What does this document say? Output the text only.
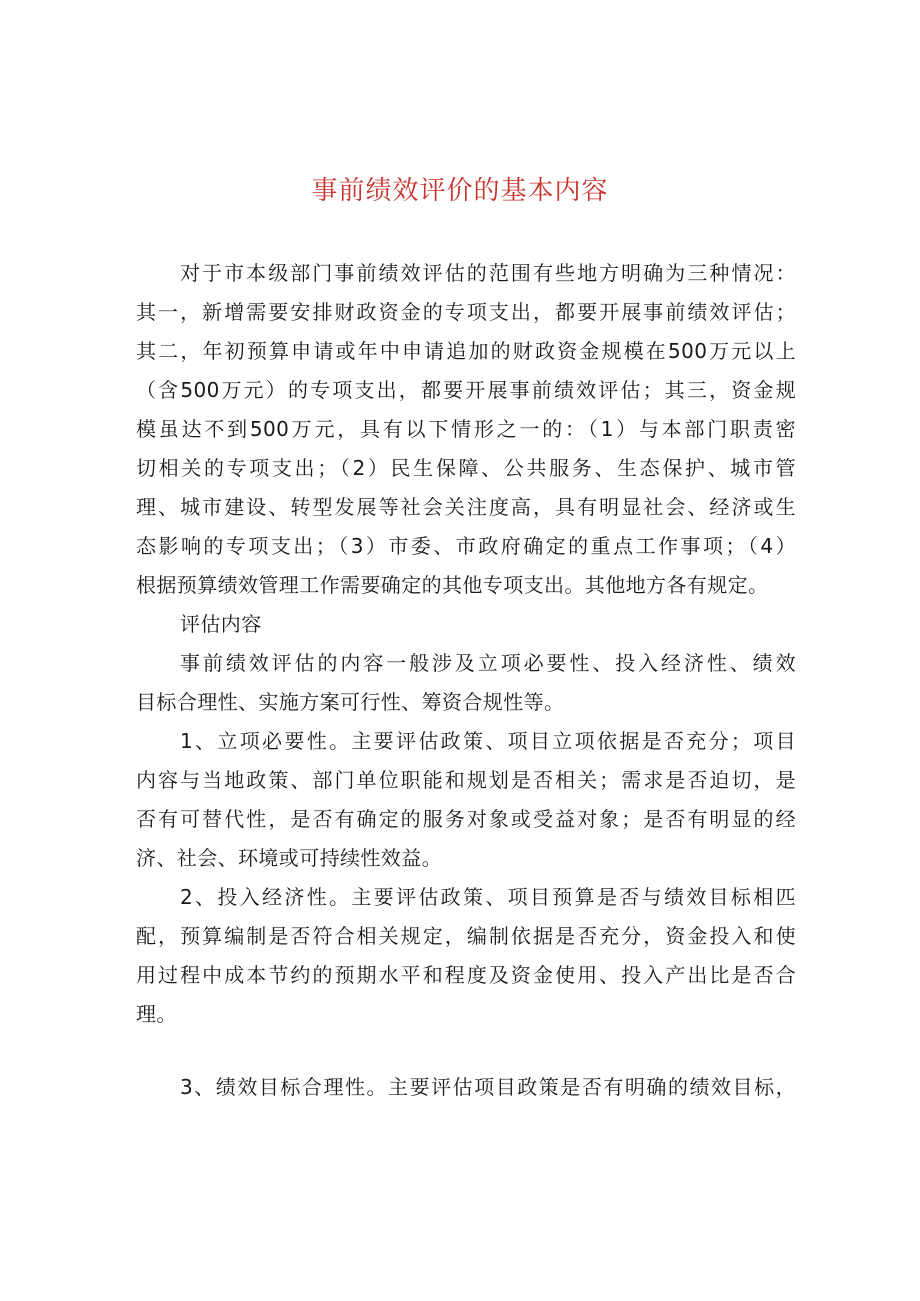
事前绩效评价的基本内容
对于市本级部门事前绩效评估的范围有些地方明确为三种情况：
其一，新增需要安排财政资金的专项支出，都要开展事前绩效评估；
其二，年初预算申请或年中申请追加的财政资金规模在500万元以上
（含500万元）的专项支出，都要开展事前绩效评估；其三，资金规
模虽达不到500万元，具有以下情形之一的：（1）与本部门职责密
切相关的专项支出；（2）民生保障、公共服务、生态保护、城市管
理、城市建设、转型发展等社会关注度高，具有明显社会、经济或生
态影响的专项支出；（3）市委、市政府确定的重点工作事项；（4）
根据预算绩效管理工作需要确定的其他专项支出。其他地方各有规定。
评估内容
事前绩效评估的内容一般涉及立项必要性、投入经济性、绩效
目标合理性、实施方案可行性、筹资合规性等。
1、立项必要性。主要评估政策、项目立项依据是否充分；项目
内容与当地政策、部门单位职能和规划是否相关；需求是否迫切，是
否有可替代性，是否有确定的服务对象或受益对象；是否有明显的经
济、社会、环境或可持续性效益。
2、投入经济性。主要评估政策、项目预算是否与绩效目标相匹
配，预算编制是否符合相关规定，编制依据是否充分，资金投入和使
用过程中成本节约的预期水平和程度及资金使用、投入产出比是否合
理。
3、绩效目标合理性。主要评估项目政策是否有明确的绩效目标，
